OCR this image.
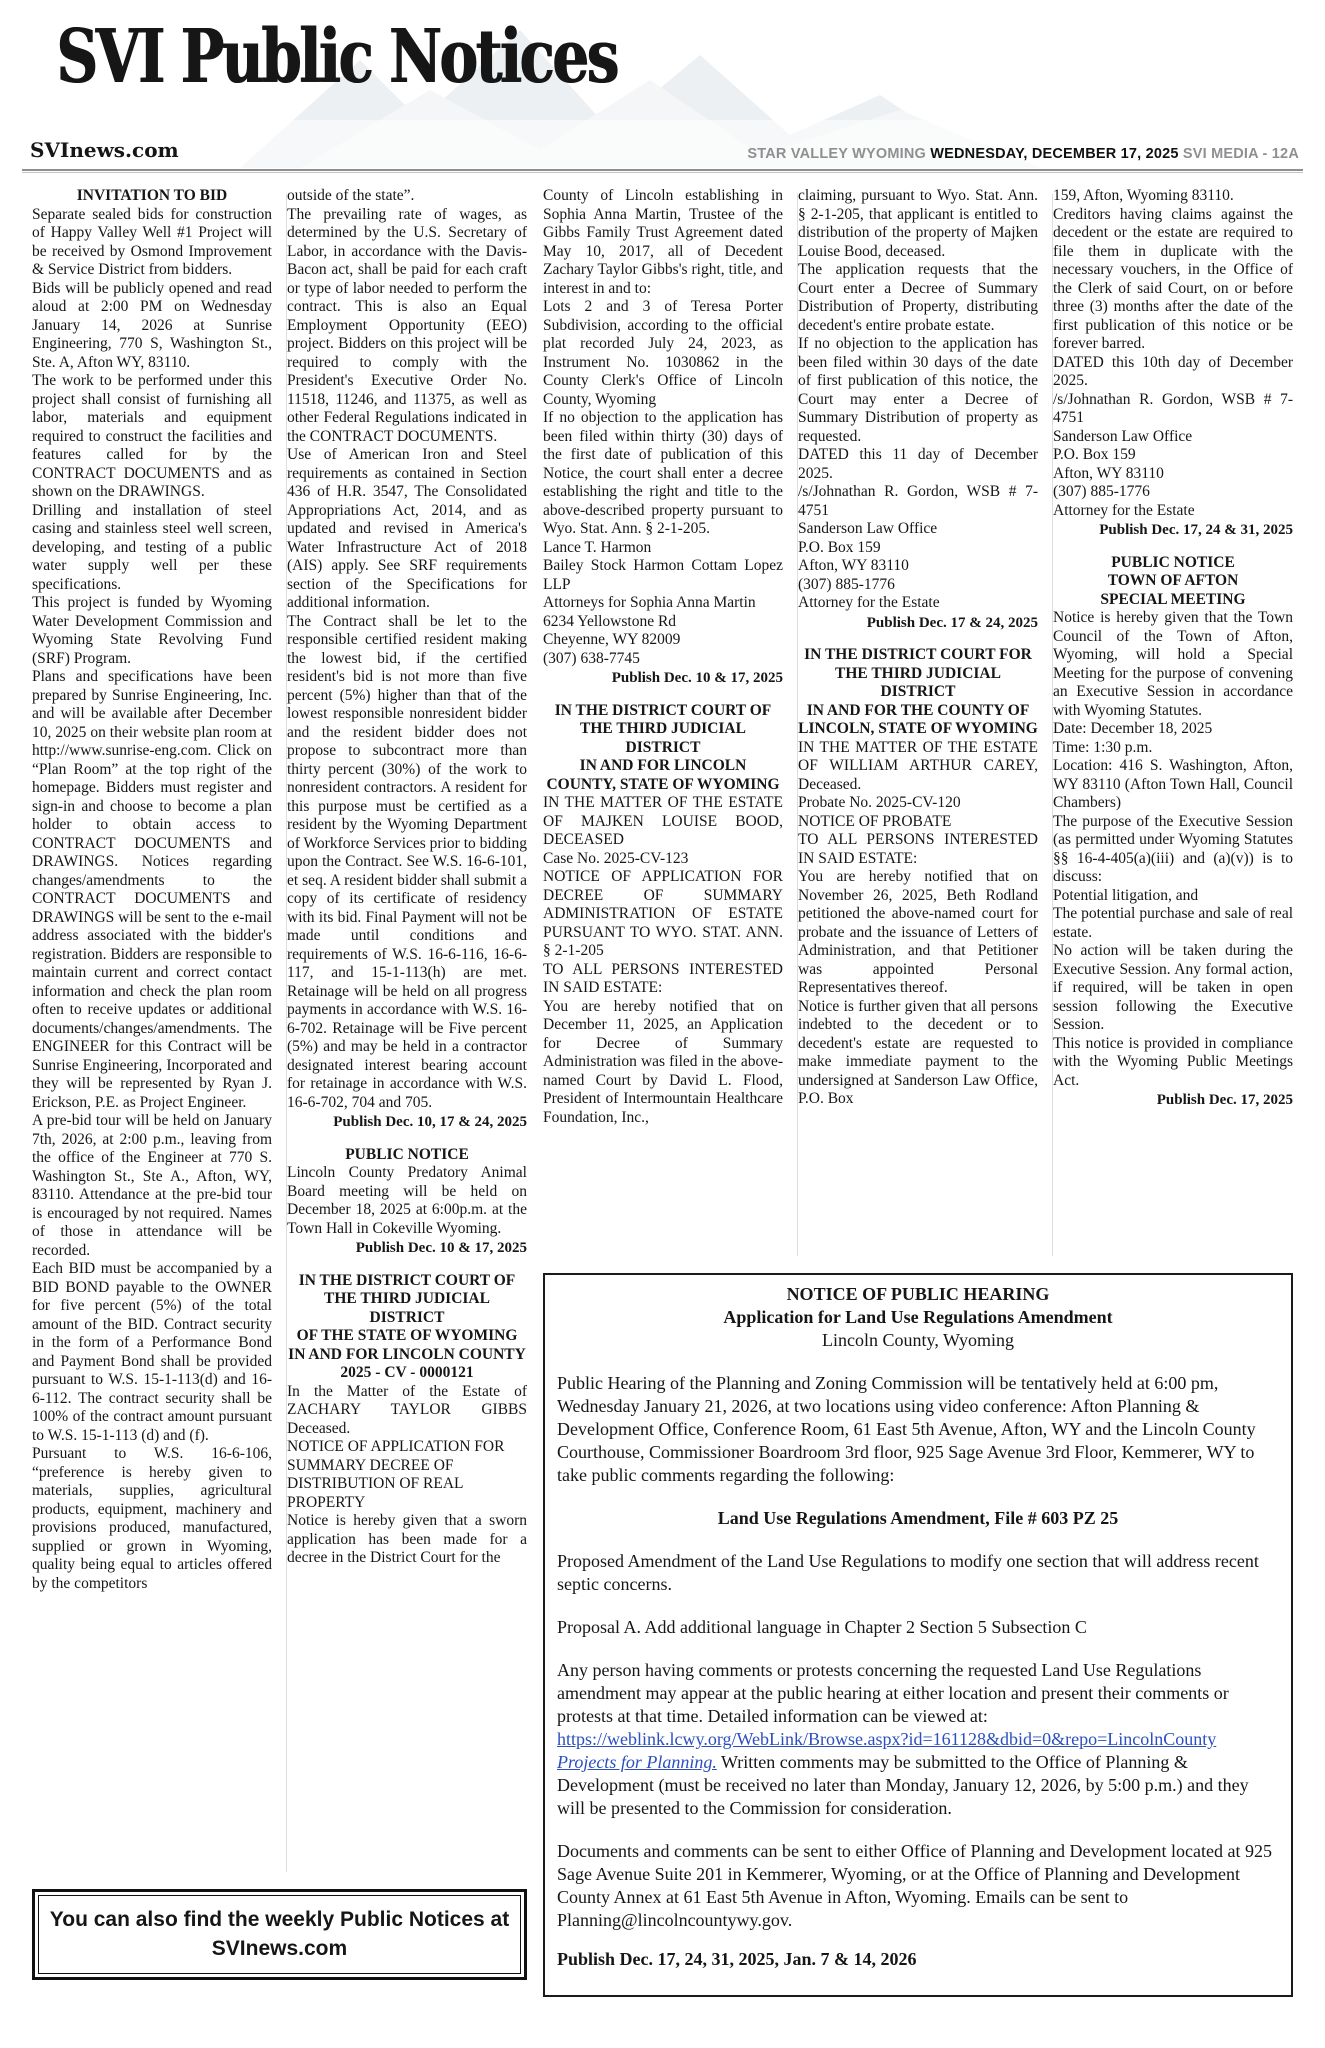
SVI Public Notices
SVInews.com	STAR VALLEY WYOMING WEDNESDAY, DECEMBER 17, 2025 SVI MEDIA - 12A
INVITATION TO BID
Separate sealed bids for construction of Happy Valley Well #1 Project will be received by Osmond Improvement & Service District from bidders.
Bids will be publicly opened and read aloud at 2:00 PM on Wednesday January 14, 2026 at Sunrise Engineering, 770 S, Washington St., Ste. A, Afton WY, 83110.
The work to be performed under this project shall consist of furnishing all labor, materials and equipment required to construct the facilities and features called for by the CONTRACT DOCUMENTS and as shown on the DRAWINGS.
Drilling and installation of steel casing and stainless steel well screen, developing, and testing of a public water supply well per these specifications.
This project is funded by Wyoming Water Development Commission and Wyoming State Revolving Fund (SRF) Program.
Plans and specifications have been prepared by Sunrise Engineering, Inc. and will be available after December 10, 2025 on their website plan room at http://www.sunrise-eng.com. Click on “Plan Room” at the top right of the homepage. Bidders must register and sign-in and choose to become a plan holder to obtain access to CONTRACT DOCUMENTS and DRAWINGS. Notices regarding changes/amendments to the CONTRACT DOCUMENTS and DRAWINGS will be sent to the e-mail address associated with the bidder's registration. Bidders are responsible to maintain current and correct contact information and check the plan room often to receive updates or additional documents/changes/amendments. The ENGINEER for this Contract will be Sunrise Engineering, Incorporated and they will be represented by Ryan J. Erickson, P.E. as Project Engineer.
A pre-bid tour will be held on January 7th, 2026, at 2:00 p.m., leaving from the office of the Engineer at 770 S. Washington St., Ste A., Afton, WY, 83110. Attendance at the pre-bid tour is encouraged by not required. Names of those in attendance will be recorded.
Each BID must be accompanied by a BID BOND payable to the OWNER for five percent (5%) of the total amount of the BID. Contract security in the form of a Performance Bond and Payment Bond shall be provided pursuant to W.S. 15-1-113(d) and 16-6-112. The contract security shall be 100% of the contract amount pursuant to W.S. 15-1-113 (d) and (f).
Pursuant to W.S. 16-6-106, “preference is hereby given to materials, supplies, agricultural products, equipment, machinery and provisions produced, manufactured, supplied or grown in Wyoming, quality being equal to articles offered by the competitors
outside of the state”.
The prevailing rate of wages, as determined by the U.S. Secretary of Labor, in accordance with the Davis-Bacon act, shall be paid for each craft or type of labor needed to perform the contract. This is also an Equal Employment Opportunity (EEO) project. Bidders on this project will be required to comply with the President's Executive Order No. 11518, 11246, and 11375, as well as other Federal Regulations indicated in the CONTRACT DOCUMENTS.
Use of American Iron and Steel requirements as contained in Section 436 of H.R. 3547, The Consolidated Appropriations Act, 2014, and as updated and revised in America's Water Infrastructure Act of 2018 (AIS) apply. See SRF requirements section of the Specifications for additional information.
The Contract shall be let to the responsible certified resident making the lowest bid, if the certified resident's bid is not more than five percent (5%) higher than that of the lowest responsible nonresident bidder and the resident bidder does not propose to subcontract more than thirty percent (30%) of the work to nonresident contractors. A resident for this purpose must be certified as a resident by the Wyoming Department of Workforce Services prior to bidding upon the Contract. See W.S. 16-6-101, et seq. A resident bidder shall submit a copy of its certificate of residency with its bid. Final Payment will not be made until conditions and requirements of W.S. 16-6-116, 16-6-117, and 15-1-113(h) are met. Retainage will be held on all progress payments in accordance with W.S. 16-6-702. Retainage will be Five percent (5%) and may be held in a contractor designated interest bearing account for retainage in accordance with W.S. 16-6-702, 704 and 705.
Publish Dec. 10, 17 & 24, 2025
PUBLIC NOTICE
Lincoln County Predatory Animal Board meeting will be held on December 18, 2025 at 6:00p.m. at the Town Hall in Cokeville Wyoming.
Publish Dec. 10 & 17, 2025
IN THE DISTRICT COURT OF THE THIRD JUDICIAL DISTRICT
OF THE STATE OF WYOMING IN AND FOR LINCOLN COUNTY
2025 - CV - 0000121
In the Matter of the Estate of ZACHARY TAYLOR GIBBS Deceased.
NOTICE OF APPLICATION FOR SUMMARY DECREE OF DISTRIBUTION OF REAL PROPERTY
Notice is hereby given that a sworn application has been made for a decree in the District Court for the
You can also find the weekly Public Notices at
SVInews.com
County of Lincoln establishing in Sophia Anna Martin, Trustee of the Gibbs Family Trust Agreement dated May 10, 2017, all of Decedent Zachary Taylor Gibbs's right, title, and interest in and to:
Lots 2 and 3 of Teresa Porter Subdivision, according to the official plat recorded July 24, 2023, as Instrument No. 1030862 in the County Clerk's Office of Lincoln County, Wyoming
If no objection to the application has been filed within thirty (30) days of the first date of publication of this Notice, the court shall enter a decree establishing the right and title to the above-described property pursuant to Wyo. Stat. Ann. § 2-1-205.
Lance T. Harmon
Bailey Stock Harmon Cottam Lopez LLP
Attorneys for Sophia Anna Martin
6234 Yellowstone Rd
Cheyenne, WY 82009
(307) 638-7745
Publish Dec. 10 & 17, 2025
IN THE DISTRICT COURT OF THE THIRD JUDICIAL DISTRICT
IN AND FOR LINCOLN COUNTY, STATE OF WYOMING
IN THE MATTER OF THE ESTATE OF MAJKEN LOUISE BOOD, DECEASED
Case No. 2025-CV-123
NOTICE OF APPLICATION FOR DECREE OF SUMMARY ADMINISTRATION OF ESTATE PURSUANT TO WYO. STAT. ANN. § 2-1-205
TO ALL PERSONS INTERESTED IN SAID ESTATE:
You are hereby notified that on December 11, 2025, an Application for Decree of Summary Administration was filed in the above-named Court by David L. Flood, President of Intermountain Healthcare Foundation, Inc.,
claiming, pursuant to Wyo. Stat. Ann. § 2-1-205, that applicant is entitled to distribution of the property of Majken Louise Bood, deceased.
The application requests that the Court enter a Decree of Summary Distribution of Property, distributing decedent's entire probate estate.
If no objection to the application has been filed within 30 days of the date of first publication of this notice, the Court may enter a Decree of Summary Distribution of property as requested.
DATED this 11 day of December 2025.
/s/Johnathan R. Gordon, WSB # 7-4751
Sanderson Law Office
P.O. Box 159
Afton, WY 83110
(307) 885-1776
Attorney for the Estate
Publish Dec. 17 & 24, 2025
IN THE DISTRICT COURT FOR THE THIRD JUDICIAL DISTRICT
IN AND FOR THE COUNTY OF LINCOLN, STATE OF WYOMING
IN THE MATTER OF THE ESTATE OF WILLIAM ARTHUR CAREY, Deceased.
Probate No. 2025-CV-120
NOTICE OF PROBATE
TO ALL PERSONS INTERESTED IN SAID ESTATE:
You are hereby notified that on November 26, 2025, Beth Rodland petitioned the above-named court for probate and the issuance of Letters of Administration, and that Petitioner was appointed Personal Representatives thereof.
Notice is further given that all persons indebted to the decedent or to decedent's estate are requested to make immediate payment to the undersigned at Sanderson Law Office, P.O. Box
159, Afton, Wyoming 83110.
Creditors having claims against the decedent or the estate are required to file them in duplicate with the necessary vouchers, in the Office of the Clerk of said Court, on or before three (3) months after the date of the first publication of this notice or be forever barred.
DATED this 10th day of December 2025.
/s/Johnathan R. Gordon, WSB # 7-4751
Sanderson Law Office
P.O. Box 159
Afton, WY 83110
(307) 885-1776
Attorney for the Estate
Publish Dec. 17, 24 & 31, 2025
PUBLIC NOTICE
TOWN OF AFTON
SPECIAL MEETING
Notice is hereby given that the Town Council of the Town of Afton, Wyoming, will hold a Special Meeting for the purpose of convening an Executive Session in accordance with Wyoming Statutes.
Date: December 18, 2025
Time: 1:30 p.m.
Location: 416 S. Washington, Afton, WY 83110 (Afton Town Hall, Council Chambers)
The purpose of the Executive Session (as permitted under Wyoming Statutes §§ 16-4-405(a)(iii) and (a)(v)) is to discuss:
Potential litigation, and
The potential purchase and sale of real estate.
No action will be taken during the Executive Session. Any formal action, if required, will be taken in open session following the Executive Session.
This notice is provided in compliance with the Wyoming Public Meetings Act.
Publish Dec. 17, 2025

NOTICE OF PUBLIC HEARING

Application for Land Use Regulations Amendment

Lincoln County, Wyoming

Public Hearing of the Planning and Zoning Commission will be tentatively held at 6:00 pm, Wednesday January 21, 2026, at two locations using video conference: Afton Planning & Development Office, Conference Room, 61 East 5th Avenue, Afton, WY and the Lincoln County Courthouse, Commissioner Boardroom 3rd floor, 925 Sage Avenue 3rd Floor, Kemmerer, WY to take public comments regarding the following:

Land Use Regulations Amendment, File # 603 PZ 25

Proposed Amendment of the Land Use Regulations to modify one section that will address recent septic concerns.

Proposal A. Add additional language in Chapter 2 Section 5 Subsection C

Any person having comments or protests concerning the requested Land Use Regulations amendment may appear at the public hearing at either location and present their comments or protests at that time. Detailed information can be viewed at: https://weblink.lcwy.org/WebLink/Browse.aspx?id=161128&dbid=0&repo=LincolnCounty Projects for Planning. Written comments may be submitted to the Office of Planning & Development (must be received no later than Monday, January 12, 2026, by 5:00 p.m.) and they will be presented to the Commission for consideration.

Documents and comments can be sent to either Office of Planning and Development located at 925 Sage Avenue Suite 201 in Kemmerer, Wyoming, or at the Office of Planning and Development County Annex at 61 East 5th Avenue in Afton, Wyoming. Emails can be sent to Planning@lincolncountywy.gov.

Publish Dec. 17, 24, 31, 2025, Jan. 7 & 14, 2026
